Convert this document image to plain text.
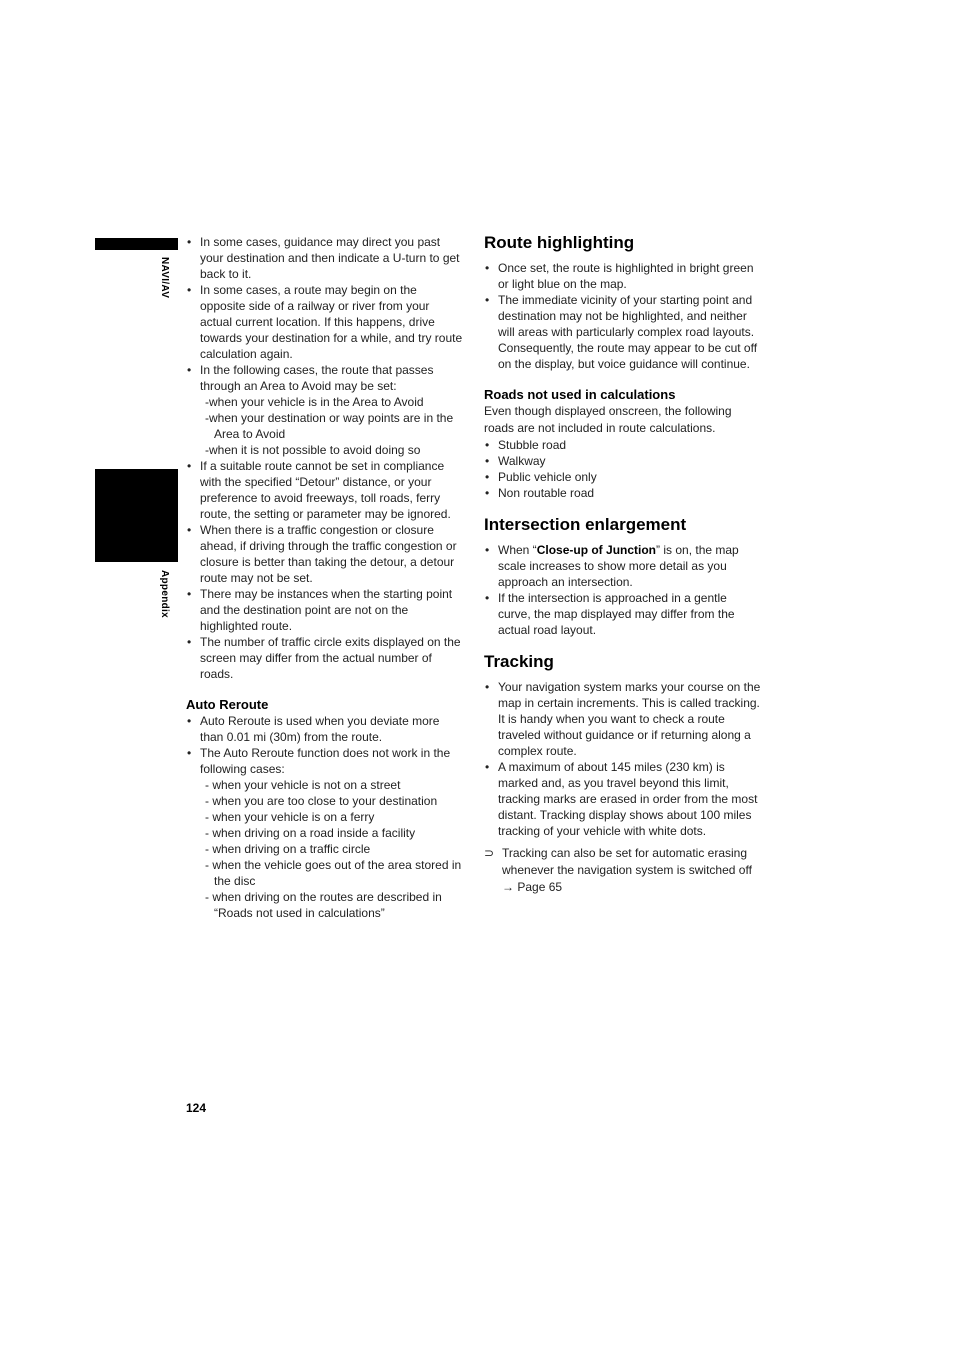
NAVI/AV
Appendix
• In some cases, guidance may direct you past your destination and then indicate a U-turn to get back to it.
• In some cases, a route may begin on the opposite side of a railway or river from your actual current location. If this happens, drive towards your destination for a while, and try route calculation again.
• In the following cases, the route that passes through an Area to Avoid may be set:
-when your vehicle is in the Area to Avoid
-when your destination or way points are in the Area to Avoid
-when it is not possible to avoid doing so
• If a suitable route cannot be set in compliance with the specified “Detour” distance, or your preference to avoid freeways, toll roads, ferry route, the setting or parameter may be ignored.
• When there is a traffic congestion or closure ahead, if driving through the traffic congestion or closure is better than taking the detour, a detour route may not be set.
• There may be instances when the starting point and the destination point are not on the highlighted route.
• The number of traffic circle exits displayed on the screen may differ from the actual number of roads.
Auto Reroute
• Auto Reroute is used when you deviate more than 0.01 mi (30m) from the route.
• The Auto Reroute function does not work in the following cases:
- when your vehicle is not on a street
- when you are too close to your destination
- when your vehicle is on a ferry
- when driving on a road inside a facility
- when driving on a traffic circle
- when the vehicle goes out of the area stored in the disc
- when driving on the routes are described in “Roads not used in calculations”
Route highlighting
• Once set, the route is highlighted in bright green or light blue on the map.
• The immediate vicinity of your starting point and destination may not be highlighted, and neither will areas with particularly complex road layouts. Consequently, the route may appear to be cut off on the display, but voice guidance will continue.
Roads not used in calculations

Even though displayed onscreen, the following roads are not included in route calculations.

• Stubble road
• Walkway
• Public vehicle only
• Non routable road
Intersection enlargement
• When “Close-up of Junction” is on, the map scale increases to show more detail as you approach an intersection.
• If the intersection is approached in a gentle curve, the map displayed may differ from the actual road layout.
Tracking
• Your navigation system marks your course on the map in certain increments. This is called tracking. It is handy when you want to check a route traveled without guidance or if returning along a complex route.
• A maximum of about 145 miles (230 km) is marked and, as you travel beyond this limit, tracking marks are erased in order from the most distant. Tracking display shows about 100 miles tracking of your vehicle with white dots.
⊃ Tracking can also be set for automatic erasing whenever the navigation system is switched off → Page 65
124
